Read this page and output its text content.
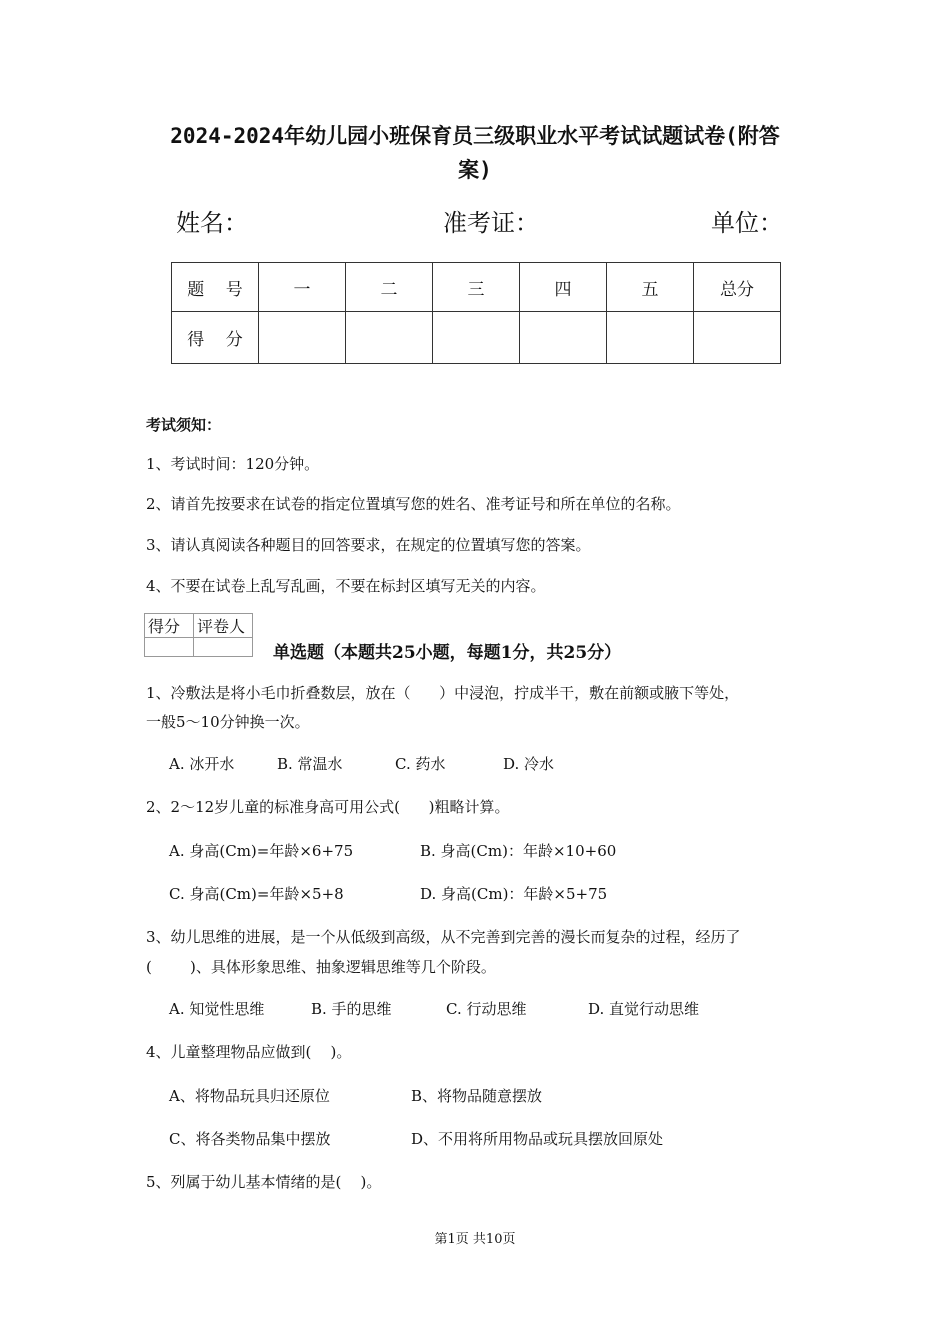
2024-2024年幼儿园小班保育员三级职业水平考试试题试卷(附答
案)
姓名：	准考证：	单位：
题    号	一	二	三	四	五	总分
得    分						
考试须知：
1、考试时间：120分钟。
2、请首先按要求在试卷的指定位置填写您的姓名、准考证号和所在单位的名称。
3、请认真阅读各种题目的回答要求，在规定的位置填写您的答案。
4、不要在试卷上乱写乱画，不要在标封区填写无关的内容。
得分	评卷人

单选题（本题共25小题，每题1分，共25分）
1、冷敷法是将小毛巾折叠数层，放在（      ）中浸泡，拧成半干，敷在前额或腋下等处，
一般5～10分钟换一次。
A. 冰开水	B. 常温水	C. 药水	D. 冷水
2、2～12岁儿童的标准身高可用公式(      )粗略计算。
A. 身高(Cm)=年龄×6+75	B. 身高(Cm)：年龄×10+60
C. 身高(Cm)=年龄×5+8	D. 身高(Cm)：年龄×5+75
3、幼儿思维的进展，是一个从低级到高级，从不完善到完善的漫长而复杂的过程，经历了
(        )、具体形象思维、抽象逻辑思维等几个阶段。
A. 知觉性思维	B. 手的思维	C. 行动思维	D. 直觉行动思维
4、儿童整理物品应做到(    )。
A、将物品玩具归还原位	B、将物品随意摆放
C、将各类物品集中摆放	D、不用将所用物品或玩具摆放回原处
5、列属于幼儿基本情绪的是(    )。
第1页 共10页
